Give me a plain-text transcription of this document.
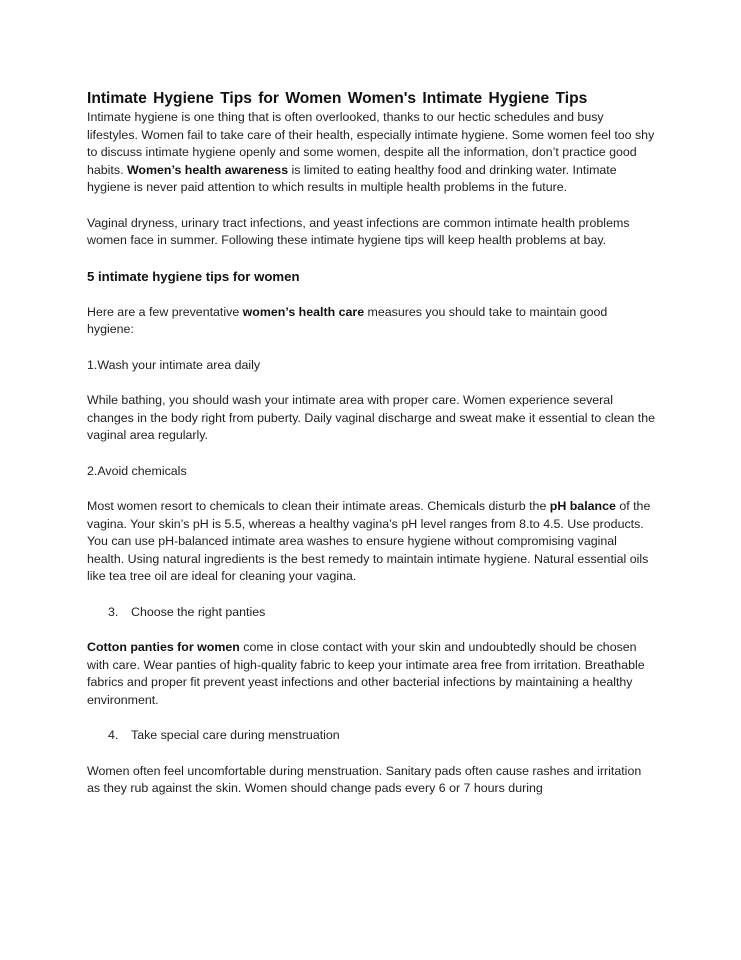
Intimate Hygiene Tips for Women Women's Intimate Hygiene Tips

Intimate hygiene is one thing that is often overlooked, thanks to our hectic schedules and busy lifestyles. Women fail to take care of their health, especially intimate hygiene. Some women feel too shy to discuss intimate hygiene openly and some women, despite all the information, don’t practice good habits. Women’s health awareness is limited to eating healthy food and drinking water. Intimate hygiene is never paid attention to which results in multiple health problems in the future.

Vaginal dryness, urinary tract infections, and yeast infections are common intimate health problems women face in summer. Following these intimate hygiene tips will keep health problems at bay.

5 intimate hygiene tips for women

Here are a few preventative women’s health care measures you should take to maintain good hygiene:

1.Wash your intimate area daily

While bathing, you should wash your intimate area with proper care. Women experience several changes in the body right from puberty. Daily vaginal discharge and sweat make it essential to clean the vaginal area regularly.

2.Avoid chemicals

Most women resort to chemicals to clean their intimate areas. Chemicals disturb the pH balance of the vagina. Your skin’s pH is 5.5, whereas a healthy vagina’s pH level ranges from 8.to 4.5. Use products. You can use pH-balanced intimate area washes to ensure hygiene without compromising vaginal health. Using natural ingredients is the best remedy to maintain intimate hygiene. Natural essential oils like tea tree oil are ideal for cleaning your vagina.

3. Choose the right panties

Cotton panties for women come in close contact with your skin and undoubtedly should be chosen with care. Wear panties of high-quality fabric to keep your intimate area free from irritation. Breathable fabrics and proper fit prevent yeast infections and other bacterial infections by maintaining a healthy environment.

4. Take special care during menstruation

Women often feel uncomfortable during menstruation. Sanitary pads often cause rashes and irritation as they rub against the skin. Women should change pads every 6 or 7 hours during
